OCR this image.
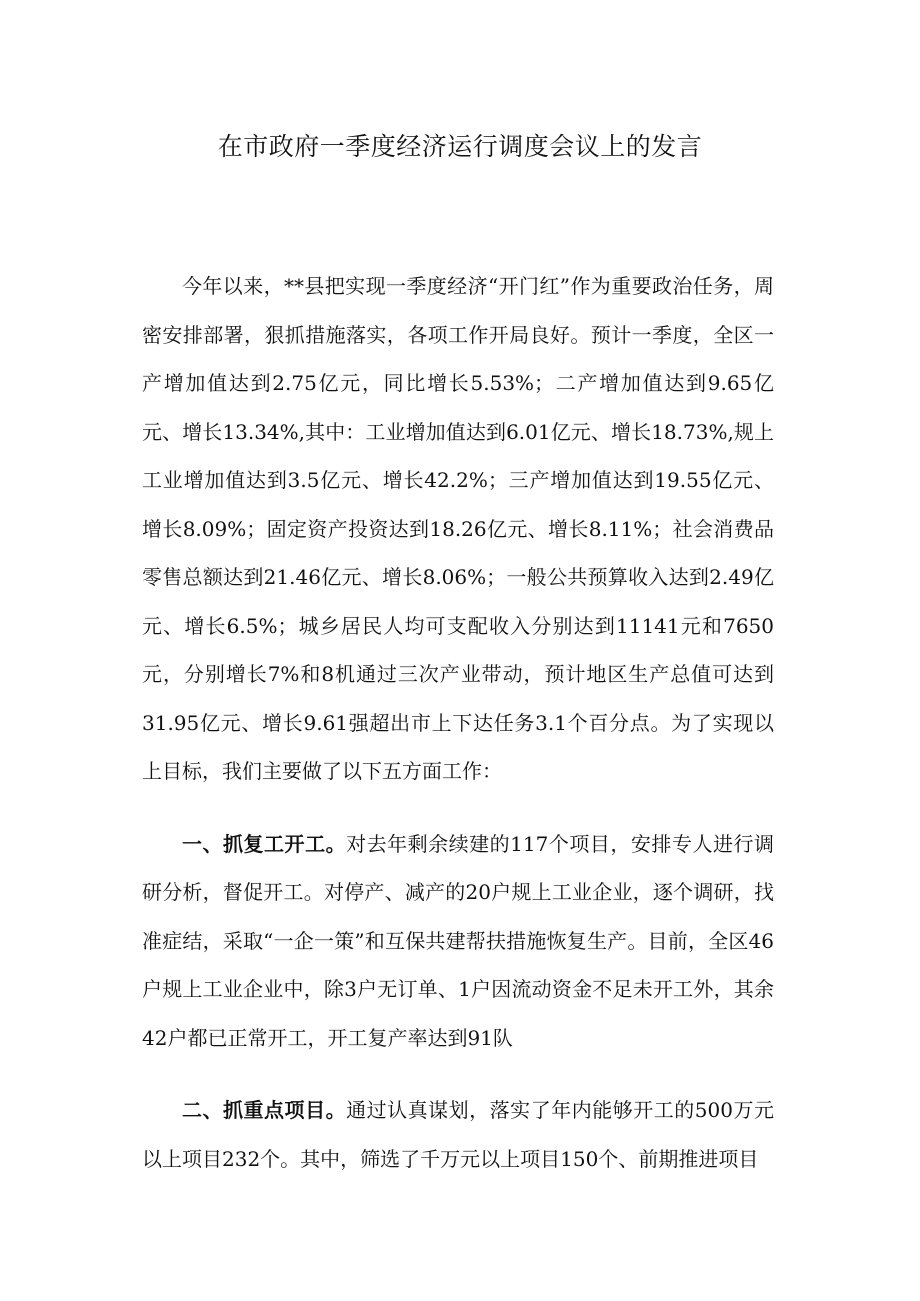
在市政府一季度经济运行调度会议上的发言

今年以来，**县把实现一季度经济“开门红”作为重要政治任务，周密安排部署，狠抓措施落实，各项工作开局良好。预计一季度，全区一产增加值达到2.75亿元，同比增长5.53%；二产增加值达到9.65亿元、增长13.34%,其中：工业增加值达到6.01亿元、增长18.73%,规上工业增加值达到3.5亿元、增长42.2%；三产增加值达到19.55亿元、增长8.09%；固定资产投资达到18.26亿元、增长8.11%；社会消费品零售总额达到21.46亿元、增长8.06%；一般公共预算收入达到2.49亿元、增长6.5%；城乡居民人均可支配收入分别达到11141元和7650元，分别增长7%和8机通过三次产业带动，预计地区生产总值可达到31.95亿元、增长9.61强超出市上下达任务3.1个百分点。为了实现以上目标，我们主要做了以下五方面工作：

一、抓复工开工。对去年剩余续建的117个项目，安排专人进行调研分析，督促开工。对停产、减产的20户规上工业企业，逐个调研，找准症结，采取“一企一策”和互保共建帮扶措施恢复生产。目前，全区46户规上工业企业中，除3户无订单、1户因流动资金不足未开工外，其余42户都已正常开工，开工复产率达到91队

二、抓重点项目。通过认真谋划，落实了年内能够开工的500万元以上项目232个。其中，筛选了千万元以上项目150个、前期推进项目
